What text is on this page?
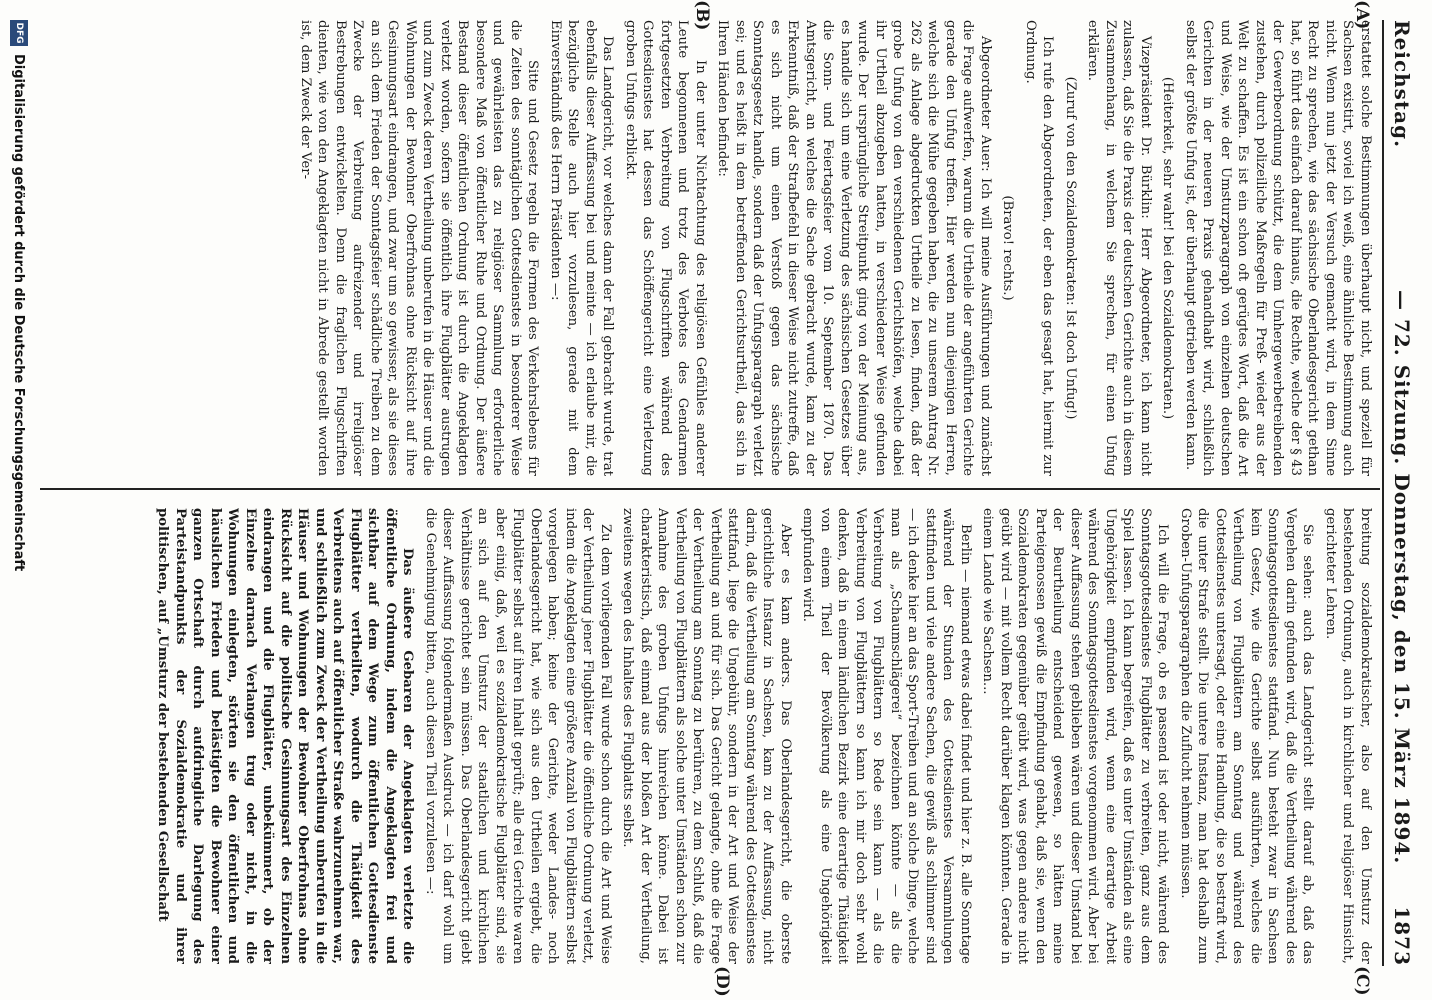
Reichstag.
— 72. Sitzung. Donnerstag, den 15. März 1894.
1873
(A)
(B)
(C)
(D)

erstattet solche Bestimmungen überhaupt nicht, und speziell für Sachsen existirt, soviel ich weiß, eine ähnliche Bestimmung auch nicht. Wenn nun jetzt der Versuch gemacht wird, in dem Sinne Recht zu sprechen, wie das sächsische Oberlandesgericht gethan hat, so führt das einfach darauf hinaus, die Rechte, welche der § 43 der Gewerbeordnung schützt, die dem Umhergewerbetreibenden zustehen, durch polizeiliche Maßregeln für Preß- wieder aus der Welt zu schaffen. Es ist ein schon oft gerügtes Wort, daß die Art und Weise, wie der Umsturzparagraph von einzelnen deutschen Gerichten in der neueren Praxis gehandhabt wird, schließlich selbst der größte Unfug ist, der überhaupt getrieben werden kann.

(Heiterkeit, sehr wahr! bei den Sozialdemokraten.)

Vizepräsident Dr. Bürklin: Herr Abgeordneter, ich kann nicht zulassen, daß Sie die Praxis der deutschen Gerichte auch in diesem Zusammenhang, in welchem Sie sprechen, für einen Unfug erklären.

(Zuruf von den Sozialdemokraten: Ist doch Unfug!)

Ich rufe den Abgeordneten, der eben das gesagt hat, hiermit zur Ordnung.

(Bravo! rechts.)

Abgeordneter Auer: Ich will meine Ausführungen und zunächst die Frage aufwerfen, warum die Urtheile der angeführten Gerichte gerade den Unfug treffen. Hier werden nun diejenigen Herren, welche sich die Mühe gegeben haben, die zu unserem Antrag Nr. 262 als Anlage abgedruckten Urtheile zu lesen, finden, daß der grobe Unfug von den verschiedenen Gerichtshöfen, welche dabei ihr Urtheil abzugeben hatten, in verschiedener Weise gefunden wurde. Der ursprüngliche Streitpunkt ging von der Meinung aus, es handle sich um eine Verletzung des sächsischen Gesetzes über die Sonn- und Feiertagsfeier vom 10. September 1870. Das Amtsgericht, an welches die Sache gebracht wurde, kam zu der Erkenntniß, daß der Strafbefehl in dieser Weise nicht zutreffe, daß es sich nicht um einen Verstoß gegen das sächsische Sonntagsgesetz handle, sondern daß der Unfugsparagraph verletzt sei; und es heißt in dem betreffenden Gerichtsurtheil, das sich in Ihren Händen befindet:

In der unter Nichtachtung des religiösen Gefühles anderer Leute begonnenen und trotz des Verbotes des Gendarmen fortgesetzten Verbreitung von Flugschriften während des Gottesdienstes hat dessen das Schöffengericht eine Verletzung groben Unfugs erblickt.

Das Landgericht, vor welches dann der Fall gebracht wurde, trat ebenfalls dieser Auffassung bei und meinte — ich erlaube mir, die bezügliche Stelle auch hier vorzulesen, gerade mit dem Einverständniß des Herrn Präsidenten —:

Sitte und Gesetz regeln die Formen des Verkehrslebens für die Zeiten des sonntäglichen Gottesdienstes in besonderer Weise und gewährleisten das zu religiöser Sammlung erforderliche besondere Maß von öffentlicher Ruhe und Ordnung. Der äußere Bestand dieser öffentlichen Ordnung ist durch die Angeklagten verletzt worden, sofern sie öffentlich ihre Flugblätter austrugen und zum Zweck deren Vertheilung unberufen in die Häuser und die Wohnungen der Bewohner Oberfrohnas ohne Rücksicht auf ihre Gesinnungsart eindrangen, und zwar um so gewisser, als sie dieses an sich dem Frieden der Sonntagsfeier schädliche Treiben zu dem Zwecke der Verbreitung aufreizender und irreligiöser Bestrebungen entwickelten. Denn die fraglichen Flugschriften dienten, wie von den Angeklagten nicht in Abrede gestellt worden ist, dem Zweck der Ver-

breitung sozialdemokratischer, also auf den Umsturz der bestehenden Ordnung, auch in kirchlicher und religiöser Hinsicht, gerichteter Lehren.

Sie sehen: auch das Landgericht stellt darauf ab, daß das Vergehen darin gefunden wird, daß die Vertheilung während des Sonntagsgottesdienstes stattfand. Nun besteht zwar in Sachsen kein Gesetz, wie die Gerichte selbst ausführten, welches die Vertheilung von Flugblättern am Sonntag und während des Gottesdienstes untersagt, oder eine Handlung, die so bestraft wird, die unter Strafe stellt. Die untere Instanz, man hat deshalb zum Groben-Unfugsparagraphen die Zuflucht nehmen müssen.

Ich will die Frage, ob es passend ist oder nicht, während des Sonntagsgottesdienstes Flugblätter zu verbreiten, ganz aus dem Spiel lassen. Ich kann begreifen, daß es unter Umständen als eine Ungehörigkeit empfunden wird, wenn eine derartige Arbeit während des Sonntagsgottesdienstes vorgenommen wird. Aber bei dieser Auffassung stehen geblieben wären und dieser Umstand bei der Beurtheilung entscheidend gewesen, so hätten meine Parteigenossen gewiß die Empfindung gehabt, daß sie, wenn den Sozialdemokraten gegenüber geübt wird, was gegen andere nicht geübt wird — mit vollem Recht darüber klagen könnten. Gerade in einem Lande wie Sachsen...

Berlin — niemand etwas dabei findet und hier z. B. alle Sonntage während der Stunden des Gottesdienstes Versammlungen stattfinden und viele andere Sachen, die gewiß als schlimmer sind — ich denke hier an das Sport-Treiben und an solche Dinge, welche man als „Schaumschlägerei“ bezeichnen könnte — als die Verbreitung von Flugblättern so Rede sein kann — als die Verbreitung von Flugblättern so kann ich mir doch sehr wohl denken, daß in einem ländlichen Bezirk eine derartige Thätigkeit von einem Theil der Bevölkerung als eine Ungehörigkeit empfunden wird.

Aber es kam anders. Das Oberlandesgericht, die oberste gerichtliche Instanz in Sachsen, kam zu der Auffassung, nicht darin, daß die Vertheilung am Sonntag während des Gottesdienstes stattfand, liege die Ungebühr, sondern in der Art und Weise der Vertheilung an und für sich. Das Gericht gelangte, ohne die Frage der Vertheilung am Sonntag zu berühren, zu dem Schluß, daß die Vertheilung von Flugblättern als solche unter Umständen schon zur Annahme des groben Unfugs hinreichen könne. Dabei ist charakteristisch, daß einmal aus der bloßen Art der Vertheilung, zweitens wegen des Inhaltes des Flugblatts selbst.

Zu dem vorliegenden Fall wurde schon durch die Art und Weise der Vertheilung jener Flugblätter die öffentliche Ordnung verletzt, indem die Angeklagten eine größere Anzahl von Flugblättern selbst vorgelegen haben; keine der Gerichte, weder Landes- noch Oberlandesgericht hat, wie sich aus den Urtheilen ergiebt, die Flugblätter selbst auf ihren Inhalt geprüft; alle drei Gerichte waren aber einig, daß, weil es sozialdemokratische Flugblätter sind, sie an sich auf den Umsturz der staatlichen und kirchlichen Verhältnisse gerichtet sein müssen. Das Oberlandesgericht giebt dieser Auffassung folgendermaßen Ausdruck — ich darf wohl um die Genehmigung bitten, auch diesen Theil vorzulesen —:

Das äußere Gebaren der Angeklagten verletzte die öffentliche Ordnung, indem die Angeklagten frei und sichtbar auf dem Wege zum öffentlichen Gottesdienste Flugblätter vertheilten, wodurch die Thätigkeit des Verbreitens auch auf öffentlicher Straße wahrzunehmen war, und schließlich zum Zweck der Vertheilung unberufen in die Häuser und Wohnungen der Bewohner Oberfrohnas ohne Rücksicht auf die politische Gesinnungsart des Einzelnen eindrangen und die Flugblätter, unbekümmert, ob der Einzelne darnach Verlangen trug oder nicht, in die Wohnungen einlegten, störten sie den öffentlichen und häuslichen Frieden und belästigten die Bewohner einer ganzen Ortschaft durch aufdringliche Darlegung des Parteistandpunkts der Sozialdemokratie und ihrer politischen, auf „Umsturz der bestehenden Gesellschaft

DFG
Digitalisierung gefördert durch die Deutsche Forschungsgemeinschaft
